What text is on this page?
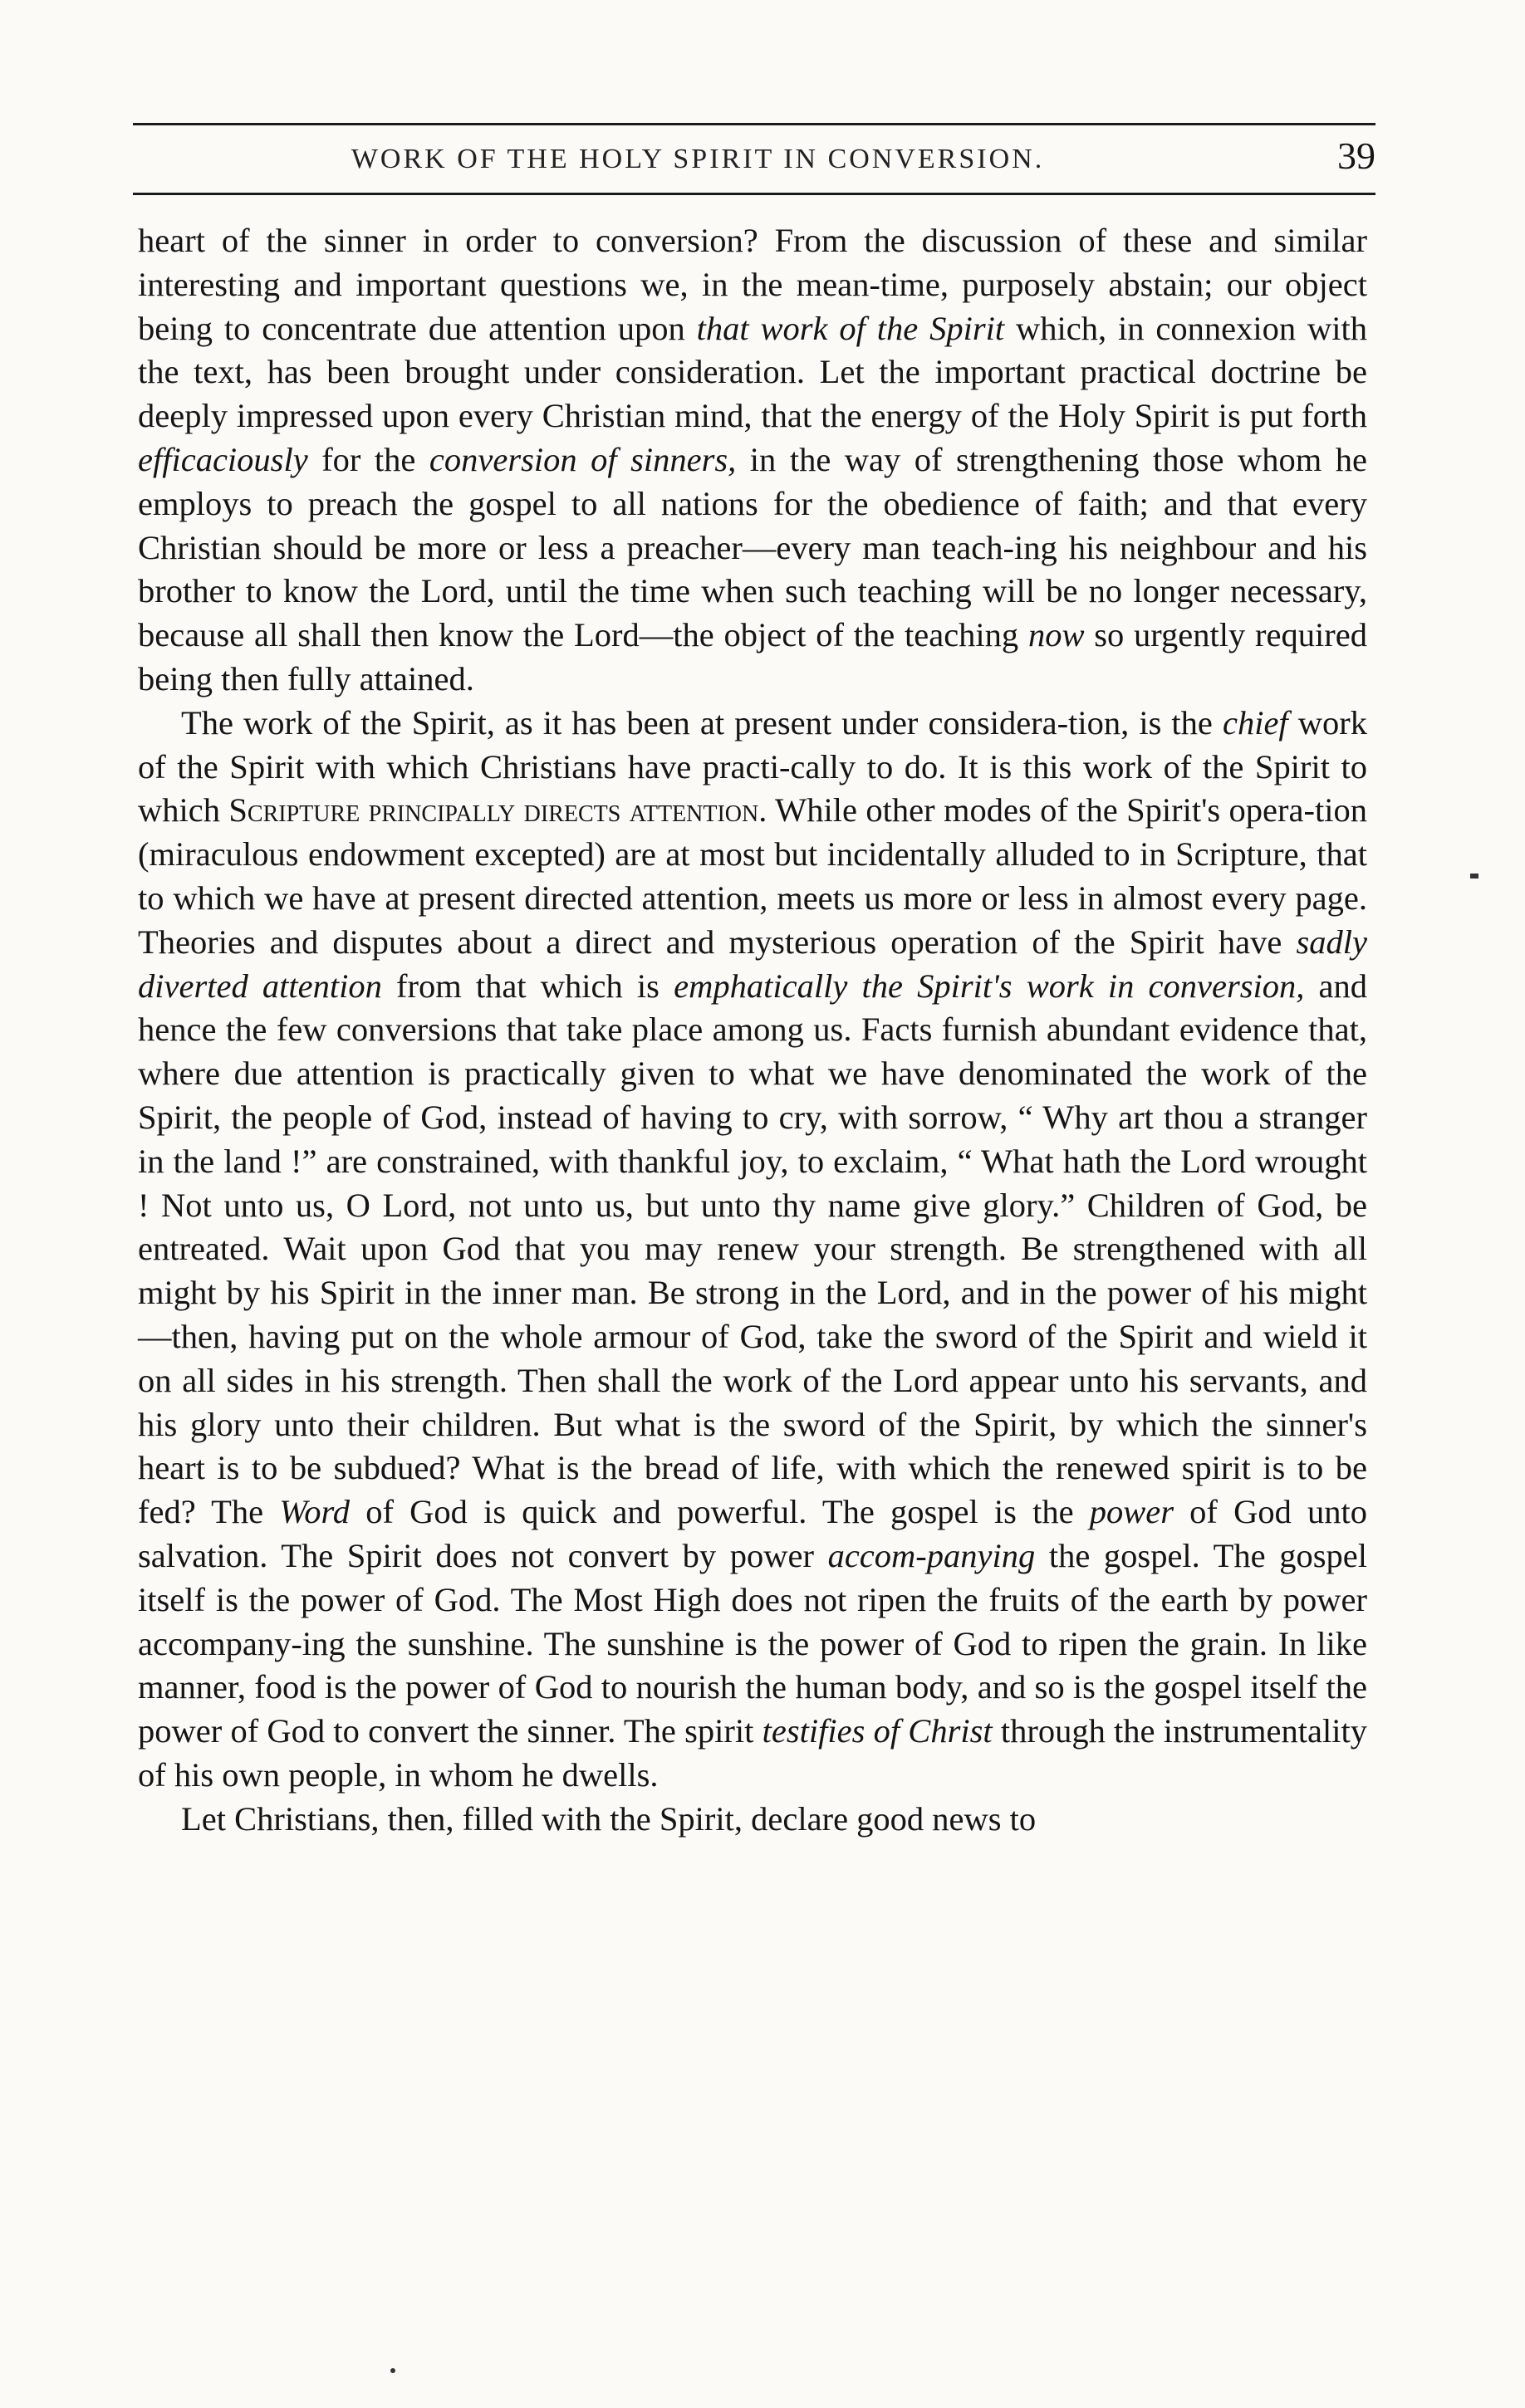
WORK OF THE HOLY SPIRIT IN CONVERSION.	39

heart of the sinner in order to conversion? From the discussion of these and similar interesting and important questions we, in the mean-time, purposely abstain; our object being to concentrate due attention upon that work of the Spirit which, in connexion with the text, has been brought under consideration. Let the important practical doctrine be deeply impressed upon every Christian mind, that the energy of the Holy Spirit is put forth efficaciously for the conversion of sinners, in the way of strengthening those whom he employs to preach the gospel to all nations for the obedience of faith; and that every Christian should be more or less a preacher—every man teach-ing his neighbour and his brother to know the Lord, until the time when such teaching will be no longer necessary, because all shall then know the Lord—the object of the teaching now so urgently required being then fully attained.

The work of the Spirit, as it has been at present under considera-tion, is the chief work of the Spirit with which Christians have practi-cally to do. It is this work of the Spirit to which Scripture principally directs attention. While other modes of the Spirit's opera-tion (miraculous endowment excepted) are at most but incidentally alluded to in Scripture, that to which we have at present directed attention, meets us more or less in almost every page. Theories and disputes about a direct and mysterious operation of the Spirit have sadly diverted attention from that which is emphatically the Spirit's work in conversion, and hence the few conversions that take place among us. Facts furnish abundant evidence that, where due attention is practically given to what we have denominated the work of the Spirit, the people of God, instead of having to cry, with sorrow, “ Why art thou a stranger in the land !” are constrained, with thankful joy, to exclaim, “ What hath the Lord wrought ! Not unto us, O Lord, not unto us, but unto thy name give glory.” Children of God, be entreated. Wait upon God that you may renew your strength. Be strengthened with all might by his Spirit in the inner man. Be strong in the Lord, and in the power of his might—then, having put on the whole armour of God, take the sword of the Spirit and wield it on all sides in his strength. Then shall the work of the Lord appear unto his servants, and his glory unto their children. But what is the sword of the Spirit, by which the sinner's heart is to be subdued? What is the bread of life, with which the renewed spirit is to be fed? The Word of God is quick and powerful. The gospel is the power of God unto salvation. The Spirit does not convert by power accom-panying the gospel. The gospel itself is the power of God. The Most High does not ripen the fruits of the earth by power accompany-ing the sunshine. The sunshine is the power of God to ripen the grain. In like manner, food is the power of God to nourish the human body, and so is the gospel itself the power of God to convert the sinner. The spirit testifies of Christ through the instrumentality of his own people, in whom he dwells.

Let Christians, then, filled with the Spirit, declare good news to
